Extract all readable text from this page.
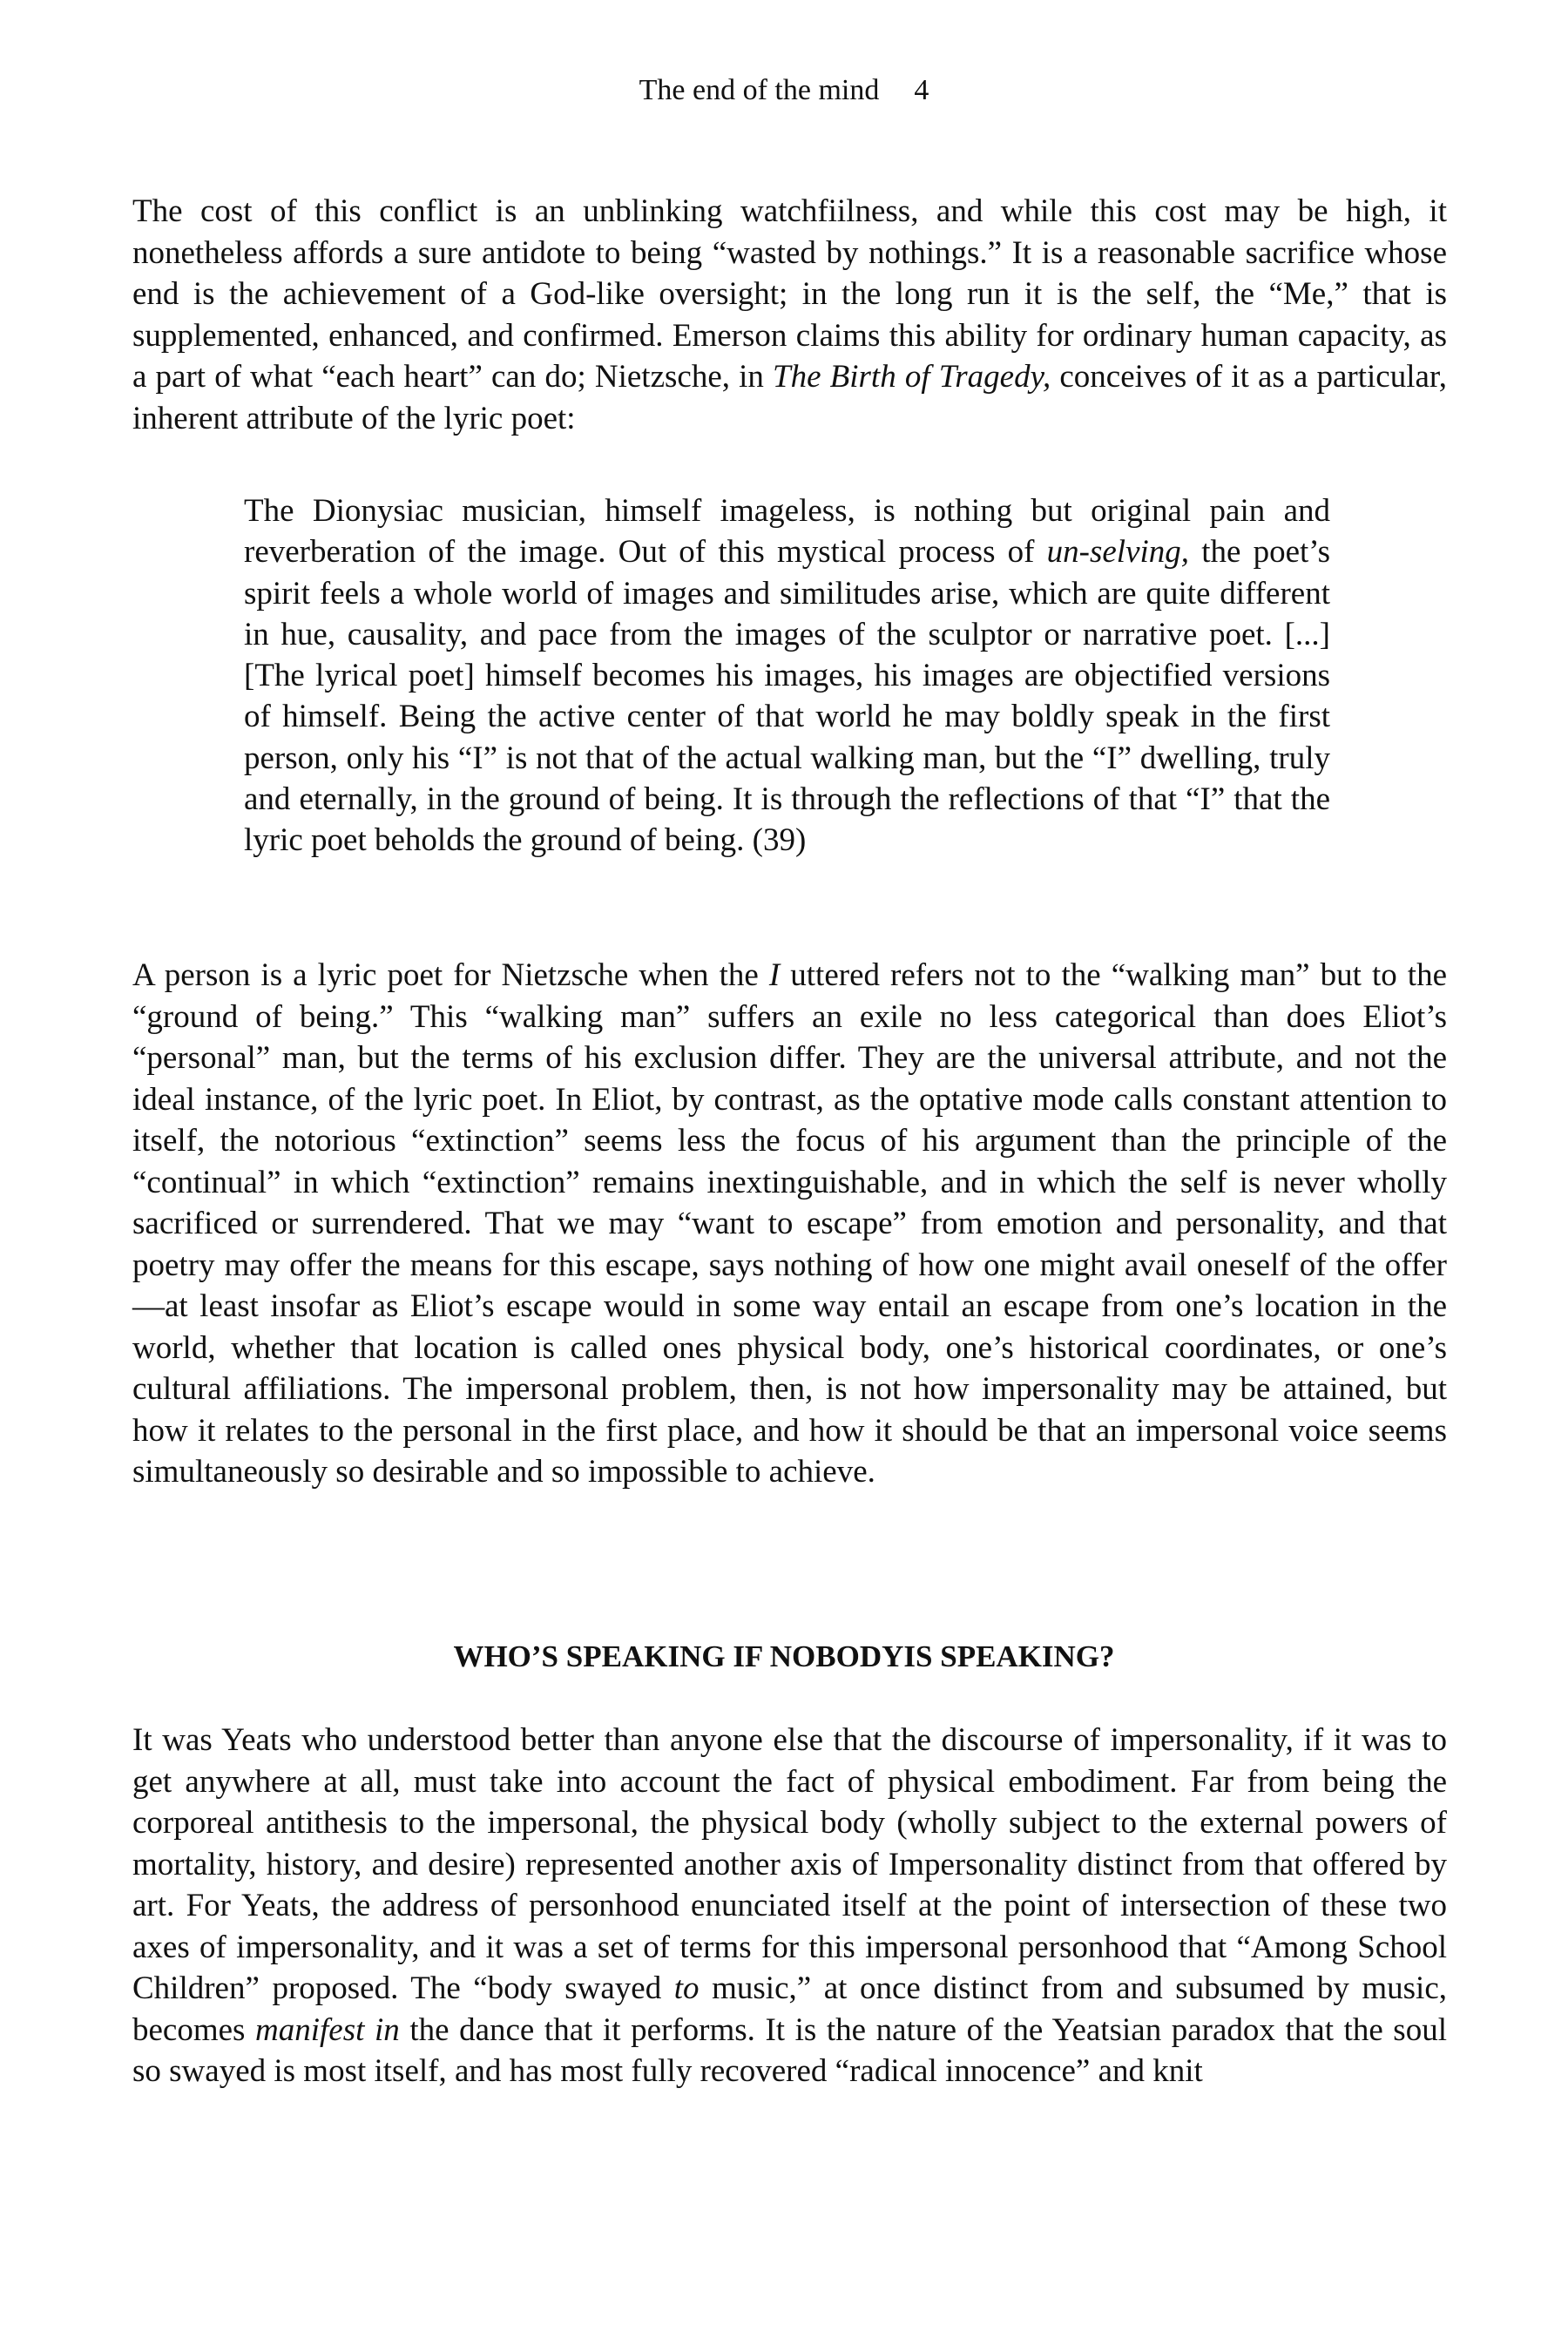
The end of the mind 4

The cost of this conflict is an unblinking watchfiilness, and while this cost may be high, it nonetheless affords a sure antidote to being “wasted by nothings.” It is a reasonable sacrifice whose end is the achievement of a God-like oversight; in the long run it is the self, the “Me,” that is supplemented, enhanced, and confirmed. Emerson claims this ability for ordinary human capacity, as a part of what “each heart” can do; Nietzsche, in The Birth of Tragedy, conceives of it as a particular, inherent attribute of the lyric poet:

The Dionysiac musician, himself imageless, is nothing but original pain and reverberation of the image. Out of this mystical process of un-selving, the poet’s spirit feels a whole world of images and similitudes arise, which are quite different in hue, causality, and pace from the images of the sculptor or narrative poet. [...] [The lyrical poet] himself becomes his images, his images are objectified versions of himself. Being the active center of that world he may boldly speak in the first person, only his “I” is not that of the actual walking man, but the “I” dwelling, truly and eternally, in the ground of being. It is through the reflections of that “I” that the lyric poet beholds the ground of being. (39)

A person is a lyric poet for Nietzsche when the I uttered refers not to the “walking man” but to the “ground of being.” This “walking man” suffers an exile no less categorical than does Eliot’s “personal” man, but the terms of his exclusion differ. They are the universal attribute, and not the ideal instance, of the lyric poet. In Eliot, by contrast, as the optative mode calls constant attention to itself, the notorious “extinction” seems less the focus of his argument than the principle of the “continual” in which “extinction” remains inextinguishable, and in which the self is never wholly sacrificed or surrendered. That we may “want to escape” from emotion and personality, and that poetry may offer the means for this escape, says nothing of how one might avail oneself of the offer—at least insofar as Eliot’s escape would in some way entail an escape from one’s location in the world, whether that location is called ones physical body, one’s historical coordinates, or one’s cultural affiliations. The impersonal problem, then, is not how impersonality may be attained, but how it relates to the personal in the first place, and how it should be that an impersonal voice seems simultaneously so desirable and so impossible to achieve.

WHO’S SPEAKING IF NOBODYIS SPEAKING?

It was Yeats who understood better than anyone else that the discourse of impersonality, if it was to get anywhere at all, must take into account the fact of physical embodiment. Far from being the corporeal antithesis to the impersonal, the physical body (wholly subject to the external powers of mortality, history, and desire) represented another axis of Impersonality distinct from that offered by art. For Yeats, the address of personhood enunciated itself at the point of intersection of these two axes of impersonality, and it was a set of terms for this impersonal personhood that “Among School Children” proposed. The “body swayed to music,” at once distinct from and subsumed by music, becomes manifest in the dance that it performs. It is the nature of the Yeatsian paradox that the soul so swayed is most itself, and has most fully recovered “radical innocence” and knit
